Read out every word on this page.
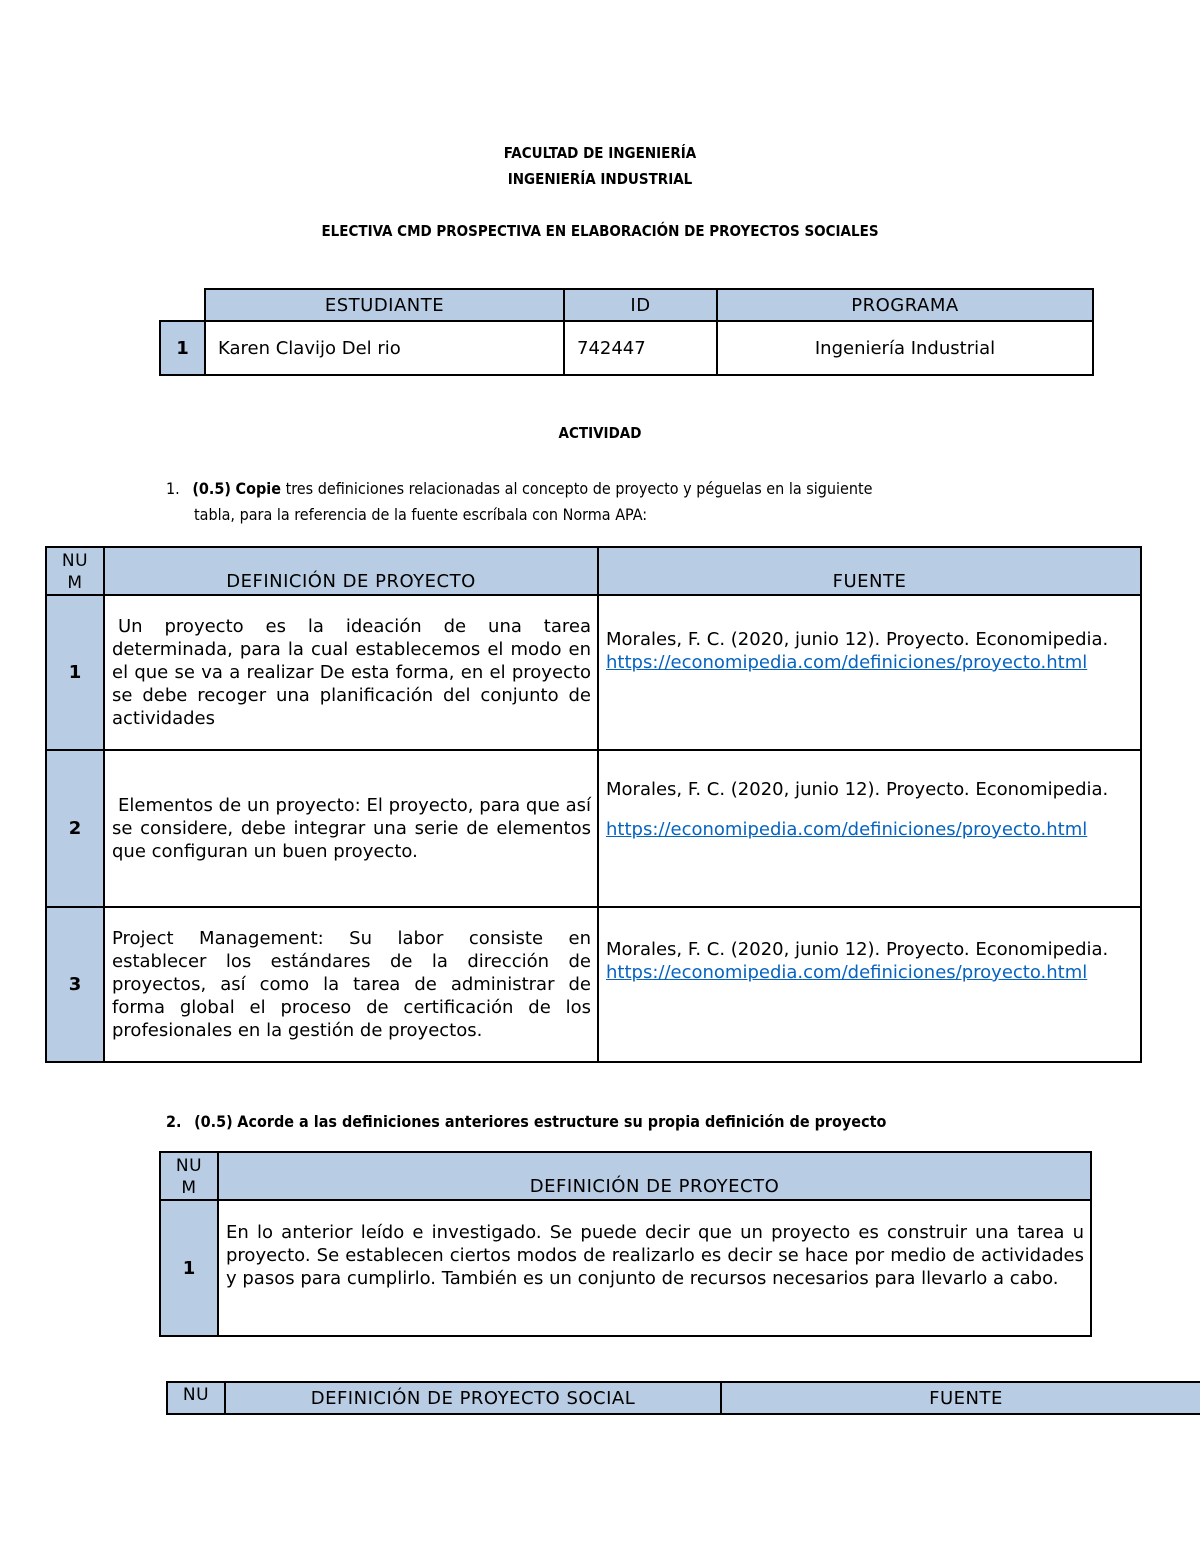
FACULTAD DE INGENIERÍA
INGENIERÍA INDUSTRIAL
ELECTIVA CMD PROSPECTIVA EN ELABORACIÓN DE PROYECTOS SOCIALES
	ESTUDIANTE	ID	PROGRAMA
1	Karen Clavijo Del rio	742447	Ingeniería Industrial
ACTIVIDAD
1. (0.5) Copie tres definiciones relacionadas al concepto de proyecto y péguelas en la siguiente
tabla, para la referencia de la fuente escríbala con Norma APA:
NU
M	DEFINICIÓN DE PROYECTO	FUENTE
1	Un proyecto es la ideación de una tarea determinada, para la cual establecemos el modo en el que se va a realizar De esta forma, en el proyecto se debe recoger una planificación del conjunto de actividades	Morales, F. C. (2020, junio 12). Proyecto. Economipedia.
https://economipedia.com/definiciones/proyecto.html

2	Elementos de un proyecto: El proyecto, para que así se considere, debe integrar una serie de elementos que configuran un buen proyecto.	Morales, F. C. (2020, junio 12). Proyecto. Economipedia.
https://economipedia.com/definiciones/proyecto.html

3	Project Management: Su labor consiste en establecer los estándares de la dirección de proyectos, así como la tarea de administrar de forma global el proceso de certificación de los profesionales en la gestión de proyectos.	Morales, F. C. (2020, junio 12). Proyecto. Economipedia.
https://economipedia.com/definiciones/proyecto.html
2. (0.5) Acorde a las definiciones anteriores estructure su propia definición de proyecto
NU
M	DEFINICIÓN DE PROYECTO
1	En lo anterior leído e investigado. Se puede decir que un proyecto es construir una tarea u proyecto. Se establecen ciertos modos de realizarlo es decir se hace por medio de actividades y pasos para cumplirlo. También es un conjunto de recursos necesarios para llevarlo a cabo.
NU	DEFINICIÓN DE PROYECTO SOCIAL	FUENTE
